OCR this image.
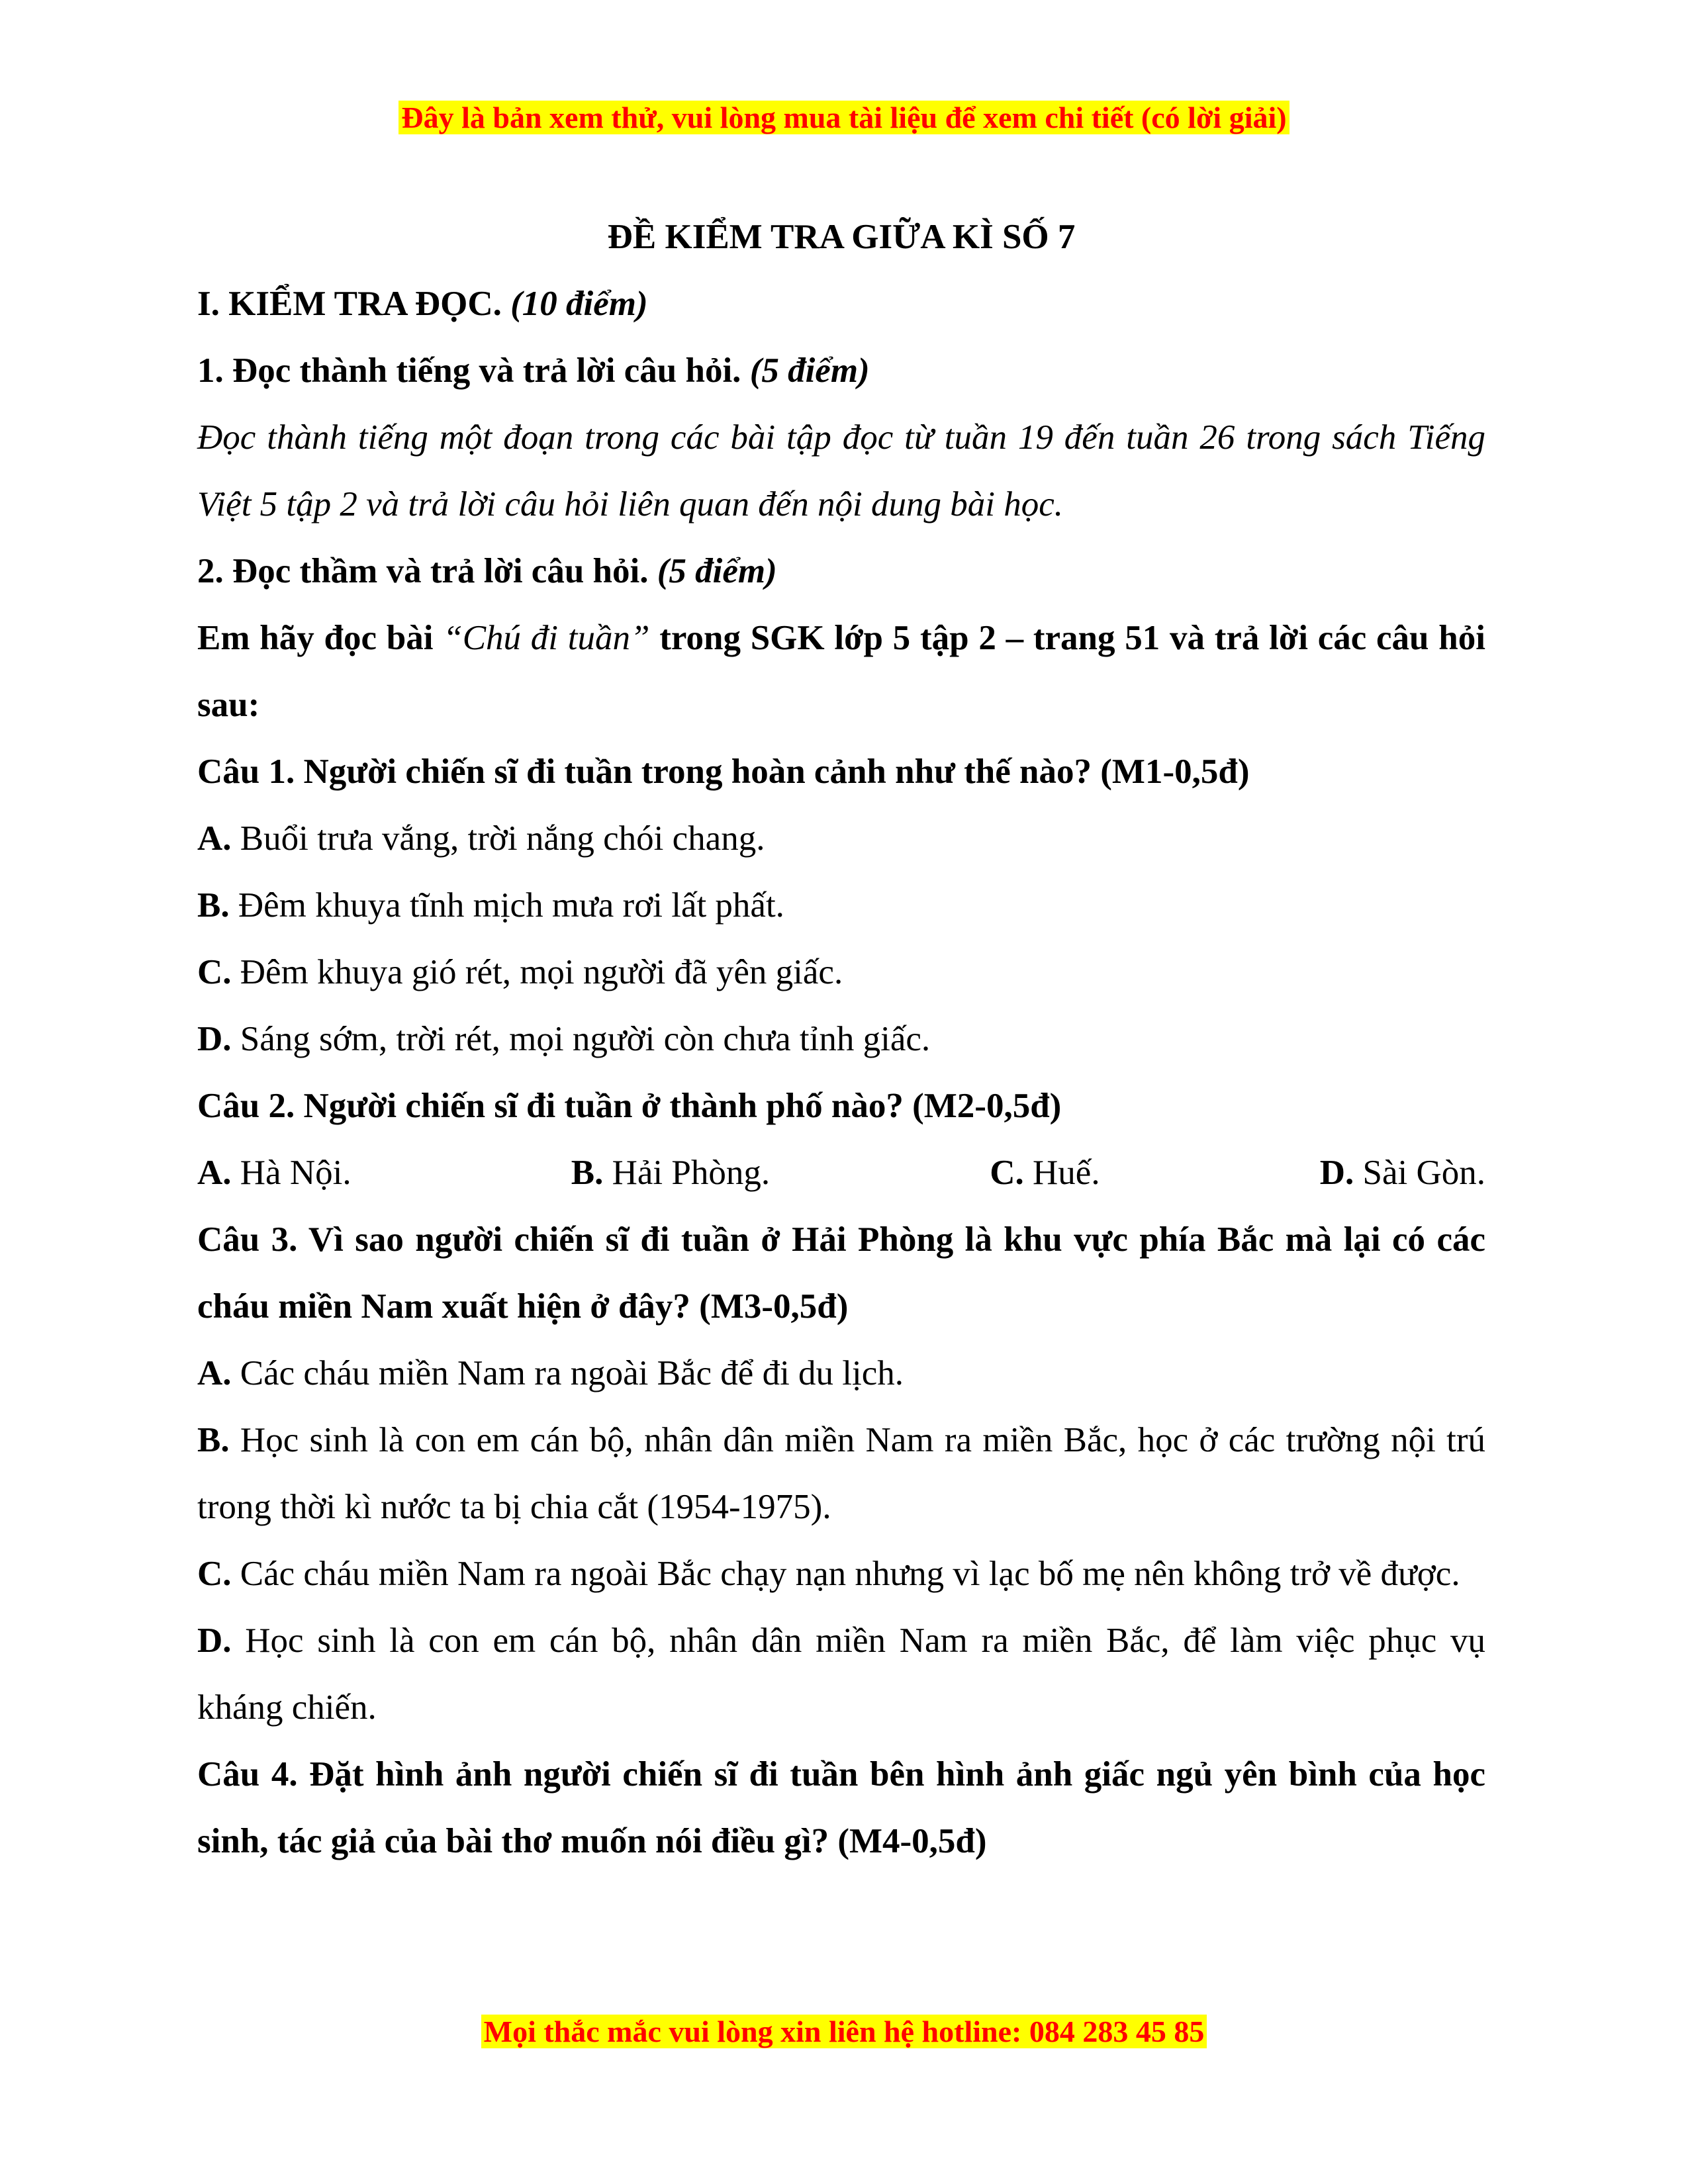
Đây là bản xem thử, vui lòng mua tài liệu để xem chi tiết (có lời giải)

ĐỀ KIỂM TRA GIỮA KÌ SỐ 7

I. KIỂM TRA ĐỌC. (10 điểm)

1. Đọc thành tiếng và trả lời câu hỏi. (5 điểm)

Đọc thành tiếng một đoạn trong các bài tập đọc từ tuần 19 đến tuần 26 trong sách Tiếng Việt 5 tập 2 và trả lời câu hỏi liên quan đến nội dung bài học.

2. Đọc thầm và trả lời câu hỏi. (5 điểm)

Em hãy đọc bài “Chú đi tuần” trong SGK lớp 5 tập 2 – trang 51 và trả lời các câu hỏi sau:

Câu 1. Người chiến sĩ đi tuần trong hoàn cảnh như thế nào? (M1-0,5đ)

A. Buổi trưa vắng, trời nắng chói chang.

B. Đêm khuya tĩnh mịch mưa rơi lất phất.

C. Đêm khuya gió rét, mọi người đã yên giấc.

D. Sáng sớm, trời rét, mọi người còn chưa tỉnh giấc.

Câu 2. Người chiến sĩ đi tuần ở thành phố nào? (M2-0,5đ)

A. Hà Nội.	B. Hải Phòng.	C. Huế.	D. Sài Gòn.

Câu 3. Vì sao người chiến sĩ đi tuần ở Hải Phòng là khu vực phía Bắc mà lại có các cháu miền Nam xuất hiện ở đây? (M3-0,5đ)

A. Các cháu miền Nam ra ngoài Bắc để đi du lịch.

B. Học sinh là con em cán bộ, nhân dân miền Nam ra miền Bắc, học ở các trường nội trú trong thời kì nước ta bị chia cắt (1954-1975).

C. Các cháu miền Nam ra ngoài Bắc chạy nạn nhưng vì lạc bố mẹ nên không trở về được.

D. Học sinh là con em cán bộ, nhân dân miền Nam ra miền Bắc, để làm việc phục vụ kháng chiến.

Câu 4. Đặt hình ảnh người chiến sĩ đi tuần bên hình ảnh giấc ngủ yên bình của học sinh, tác giả của bài thơ muốn nói điều gì? (M4-0,5đ)

Mọi thắc mắc vui lòng xin liên hệ hotline: 084 283 45 85
